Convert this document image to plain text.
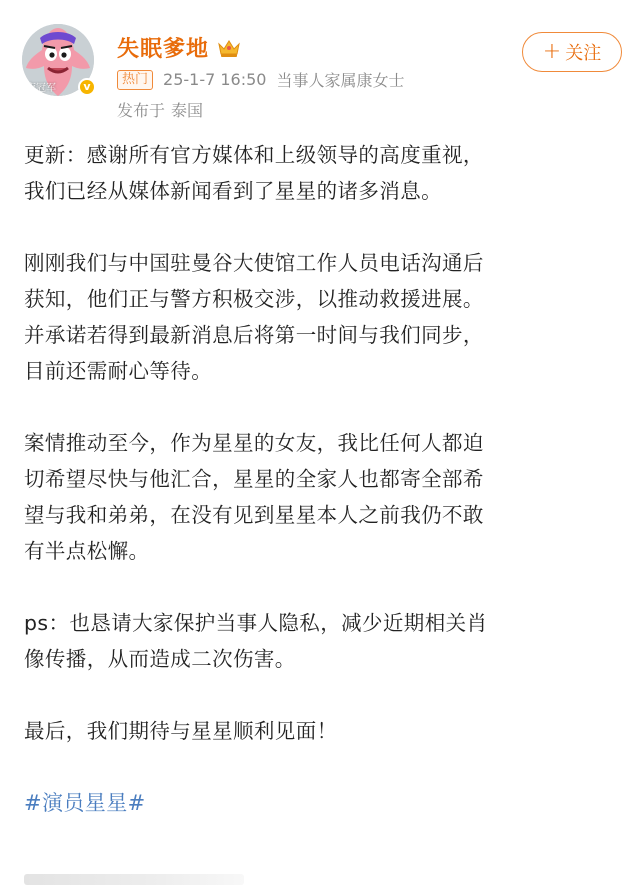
夜冠军	v
失眠爹地
热门 25-1-7 16:50 当事人家属康女士
发布于 泰国
+ 关注
更新：感谢所有官方媒体和上级领导的高度重视，
我们已经从媒体新闻看到了星星的诸多消息。
刚刚我们与中国驻曼谷大使馆工作人员电话沟通后
获知，他们正与警方积极交涉，以推动救援进展。
并承诺若得到最新消息后将第一时间与我们同步，
目前还需耐心等待。
案情推动至今，作为星星的女友，我比任何人都迫
切希望尽快与他汇合，星星的全家人也都寄全部希
望与我和弟弟，在没有见到星星本人之前我仍不敢
有半点松懈。
ps：也恳请大家保护当事人隐私，减少近期相关肖
像传播，从而造成二次伤害。
最后，我们期待与星星顺利见面！
#演员星星#
